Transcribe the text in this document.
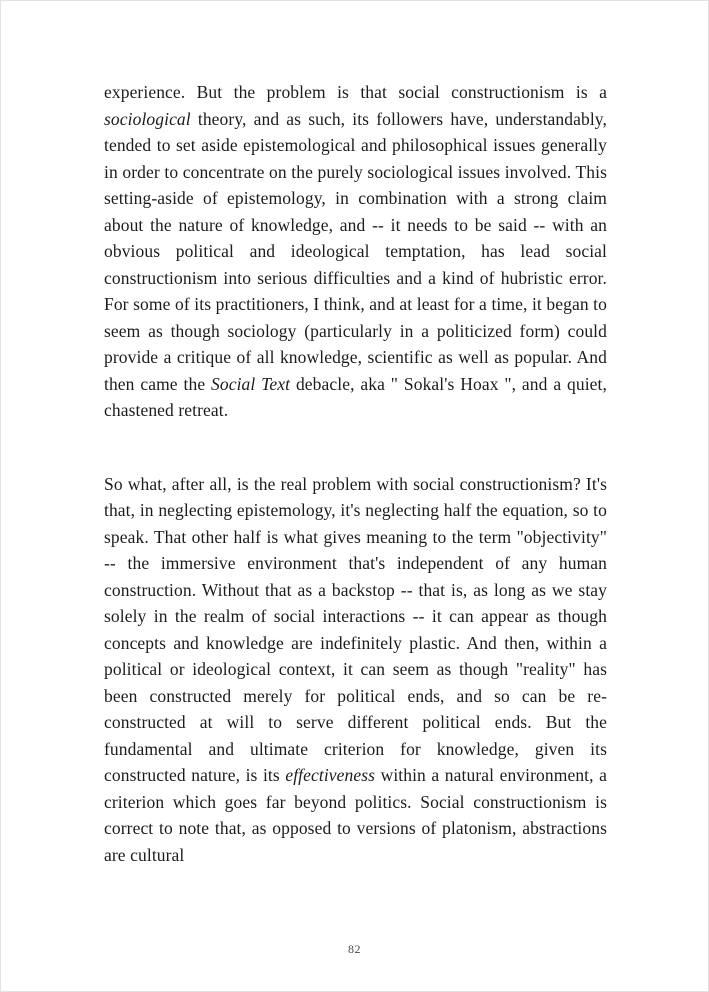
experience. But the problem is that social constructionism is a sociological theory, and as such, its followers have, understandably, tended to set aside epistemological and philosophical issues generally in order to concentrate on the purely sociological issues involved. This setting-aside of epistemology, in combination with a strong claim about the nature of knowledge, and -- it needs to be said -- with an obvious political and ideological temptation, has lead social constructionism into serious difficulties and a kind of hubristic error. For some of its practitioners, I think, and at least for a time, it began to seem as though sociology (particularly in a politicized form) could provide a critique of all knowledge, scientific as well as popular. And then came the Social Text debacle, aka " Sokal's Hoax ", and a quiet, chastened retreat.

So what, after all, is the real problem with social constructionism? It's that, in neglecting epistemology, it's neglecting half the equation, so to speak. That other half is what gives meaning to the term "objectivity" -- the immersive environment that's independent of any human construction. Without that as a backstop -- that is, as long as we stay solely in the realm of social interactions -- it can appear as though concepts and knowledge are indefinitely plastic. And then, within a political or ideological context, it can seem as though "reality" has been constructed merely for political ends, and so can be re-constructed at will to serve different political ends. But the fundamental and ultimate criterion for knowledge, given its constructed nature, is its effectiveness within a natural environment, a criterion which goes far beyond politics. Social constructionism is correct to note that, as opposed to versions of platonism, abstractions are cultural

82
